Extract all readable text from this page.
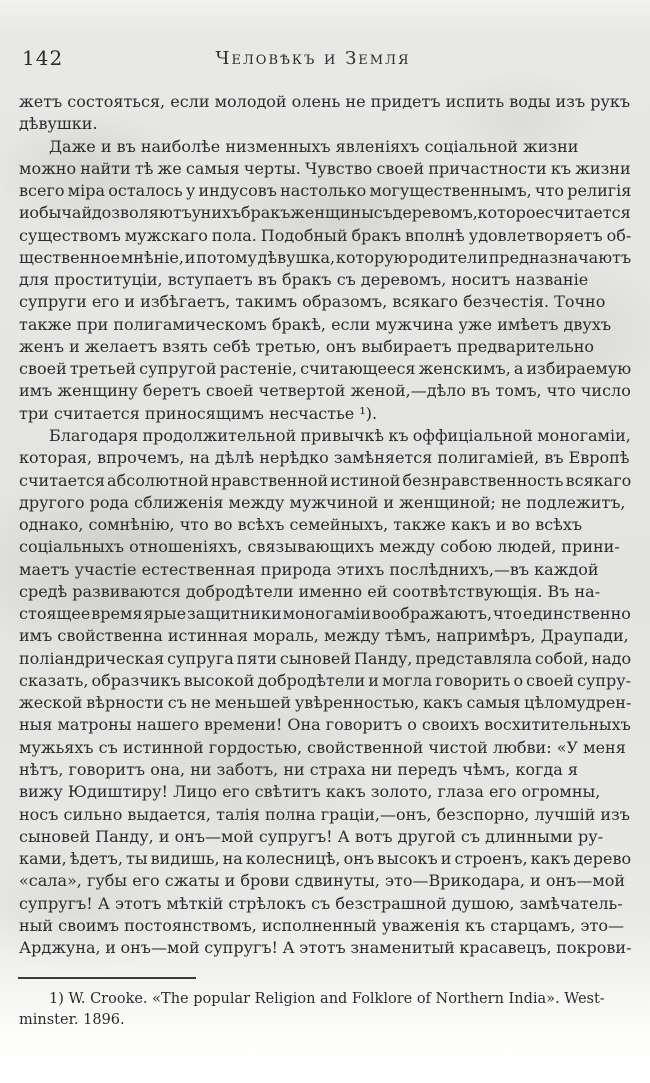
142	Человѣкъ и Земля
жетъ состояться, если молодой олень не придетъ испить воды изъ рукъ
дѣвушки.
Даже и въ наиболѣе низменныхъ явленіяхъ соціальной жизни
можно найти тѣ же самыя черты. Чувство своей причастности къ жизни
всего міра осталось у индусовъ настолько могущественнымъ, что религія
и обычай дозволяютъ у нихъ бракъ женщины съ деревомъ, которое считается
существомъ мужскаго пола. Подобный бракъ вполнѣ удовлетворяетъ об-
щественное мнѣніе, и потому дѣвушка, которую родители предназначаютъ
для проституціи, вступаетъ въ бракъ съ деревомъ, носитъ названіе
супруги его и избѣгаетъ, такимъ образомъ, всякаго безчестія. Точно
также при полигамическомъ бракѣ, если мужчина уже имѣетъ двухъ
женъ и желаетъ взять себѣ третью, онъ выбираетъ предварительно
своей третьей супругой растеніе, считающееся женскимъ, а избираемую
имъ женщину беретъ своей четвертой женой,—дѣло въ томъ, что число
три считается приносящимъ несчастье ¹).
Благодаря продолжительной привычкѣ къ оффиціальной моногаміи,
которая, впрочемъ, на дѣлѣ нерѣдко замѣняется полигаміей, въ Европѣ
считается абсолютной нравственной истиной безнравственность всякаго
другого рода сближенія между мужчиной и женщиной; не подлежитъ,
однако, сомнѣнію, что во всѣхъ семейныхъ, также какъ и во всѣхъ
соціальныхъ отношеніяхъ, связывающихъ между собою людей, прини-
маетъ участіе естественная природа этихъ послѣднихъ,—въ каждой
средѣ развиваются добродѣтели именно ей соотвѣтствующія. Въ на-
стоящее время ярые защитники моногаміи воображаютъ, что единственно
имъ свойственна истинная мораль, между тѣмъ, напримѣръ, Драупади,
поліандрическая супруга пяти сыновей Панду, представляла собой, надо
сказать, образчикъ высокой добродѣтели и могла говорить о своей супру-
жеской вѣрности съ не меньшей увѣренностью, какъ самыя цѣломудрен-
ныя матроны нашего времени! Она говоритъ о своихъ восхитительныхъ
мужьяхъ съ истинной гордостью, свойственной чистой любви: «У меня
нѣтъ, говоритъ она, ни заботъ, ни страха ни передъ чѣмъ, когда я
вижу Юдиштиру! Лицо его свѣтитъ какъ золото, глаза его огромны,
носъ сильно выдается, талія полна граціи,—онъ, безспорно, лучшій изъ
сыновей Панду, и онъ—мой супругъ! А вотъ другой съ длинными ру-
ками, ѣдетъ, ты видишь, на колесницѣ, онъ высокъ и строенъ, какъ дерево
«сала», губы его сжаты и брови сдвинуты, это—Врикодара, и онъ—мой
супругъ! А этотъ мѣткій стрѣлокъ съ безстрашной душою, замѣчатель-
ный своимъ постоянствомъ, исполненный уваженія къ старцамъ, это—
Арджуна, и онъ—мой супругъ! А этотъ знаменитый красавецъ, покрови-
1) W. Crooke. «The popular Religion and Folklore of Northern India». West-
minster. 1896.
